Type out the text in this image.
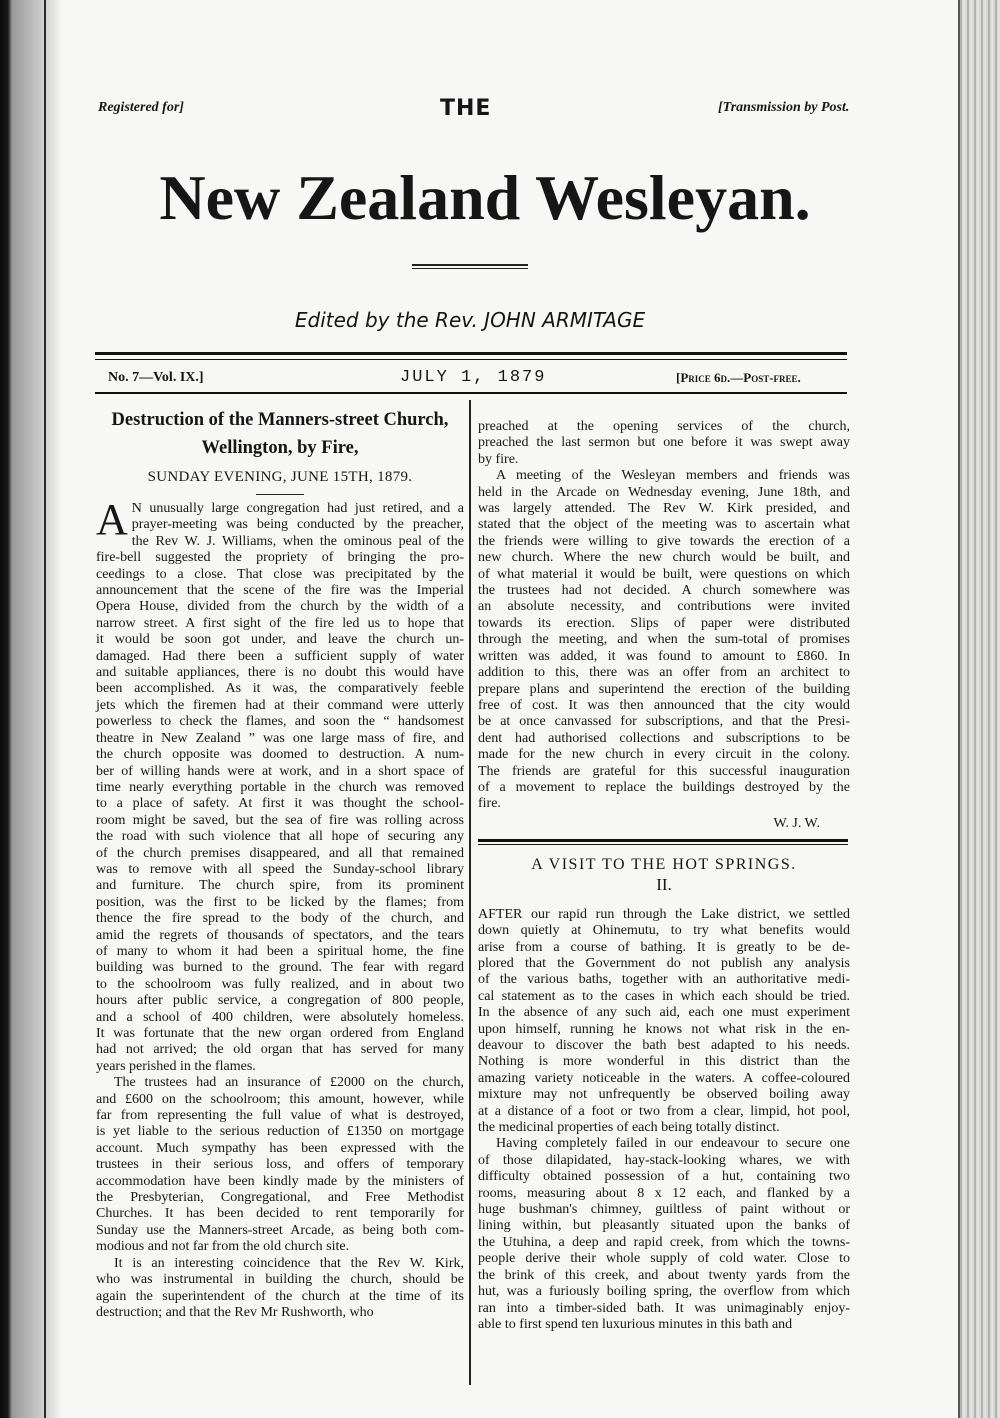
Registered for]	THE	[Transmission by Post.
New Zealand Wesleyan.
Edited by the Rev. JOHN ARMITAGE
No. 7—Vol. IX.]	JULY 1, 1879	[Price 6d.—Post-free.
Destruction of the Manners-street Church,
Wellington, by Fire,
SUNDAY EVENING, JUNE 15TH, 1879.
A N unusually large congregation had just retired, and a
prayer-meeting was being conducted by the preacher,
the Rev W. J. Williams, when the ominous peal of the
fire-bell suggested the propriety of bringing the pro-
ceedings to a close. That close was precipitated by the
announcement that the scene of the fire was the Imperial
Opera House, divided from the church by the width of a
narrow street. A first sight of the fire led us to hope that
it would be soon got under, and leave the church un-
damaged. Had there been a sufficient supply of water
and suitable appliances, there is no doubt this would have
been accomplished. As it was, the comparatively feeble
jets which the firemen had at their command were utterly
powerless to check the flames, and soon the “ handsomest
theatre in New Zealand ” was one large mass of fire, and
the church opposite was doomed to destruction. A num-
ber of willing hands were at work, and in a short space of
time nearly everything portable in the church was removed
to a place of safety. At first it was thought the school-
room might be saved, but the sea of fire was rolling across
the road with such violence that all hope of securing any
of the church premises disappeared, and all that remained
was to remove with all speed the Sunday-school library
and furniture. The church spire, from its prominent
position, was the first to be licked by the flames; from
thence the fire spread to the body of the church, and
amid the regrets of thousands of spectators, and the tears
of many to whom it had been a spiritual home, the fine
building was burned to the ground. The fear with regard
to the schoolroom was fully realized, and in about two
hours after public service, a congregation of 800 people,
and a school of 400 children, were absolutely homeless.
It was fortunate that the new organ ordered from England
had not arrived; the old organ that has served for many
years perished in the flames.
The trustees had an insurance of £2000 on the church,
and £600 on the schoolroom; this amount, however, while
far from representing the full value of what is destroyed,
is yet liable to the serious reduction of £1350 on mortgage
account. Much sympathy has been expressed with the
trustees in their serious loss, and offers of temporary
accommodation have been kindly made by the ministers of
the Presbyterian, Congregational, and Free Methodist
Churches. It has been decided to rent temporarily for
Sunday use the Manners-street Arcade, as being both com-
modious and not far from the old church site.
It is an interesting coincidence that the Rev W. Kirk,
who was instrumental in building the church, should be
again the superintendent of the church at the time of its
destruction; and that the Rev Mr Rushworth, who
preached at the opening services of the church,
preached the last sermon but one before it was swept away
by fire.
A meeting of the Wesleyan members and friends was
held in the Arcade on Wednesday evening, June 18th, and
was largely attended. The Rev W. Kirk presided, and
stated that the object of the meeting was to ascertain what
the friends were willing to give towards the erection of a
new church. Where the new church would be built, and
of what material it would be built, were questions on which
the trustees had not decided. A church somewhere was
an absolute necessity, and contributions were invited
towards its erection. Slips of paper were distributed
through the meeting, and when the sum-total of promises
written was added, it was found to amount to £860. In
addition to this, there was an offer from an architect to
prepare plans and superintend the erection of the building
free of cost. It was then announced that the city would
be at once canvassed for subscriptions, and that the Presi-
dent had authorised collections and subscriptions to be
made for the new church in every circuit in the colony.
The friends are grateful for this successful inauguration
of a movement to replace the buildings destroyed by the
fire.
W. J. W.
A VISIT TO THE HOT SPRINGS.
II.
AFTER our rapid run through the Lake district, we settled
down quietly at Ohinemutu, to try what benefits would
arise from a course of bathing. It is greatly to be de-
plored that the Government do not publish any analysis
of the various baths, together with an authoritative medi-
cal statement as to the cases in which each should be tried.
In the absence of any such aid, each one must experiment
upon himself, running he knows not what risk in the en-
deavour to discover the bath best adapted to his needs.
Nothing is more wonderful in this district than the
amazing variety noticeable in the waters. A coffee-coloured
mixture may not unfrequently be observed boiling away
at a distance of a foot or two from a clear, limpid, hot pool,
the medicinal properties of each being totally distinct.
Having completely failed in our endeavour to secure one
of those dilapidated, hay-stack-looking whares, we with
difficulty obtained possession of a hut, containing two
rooms, measuring about 8 x 12 each, and flanked by a
huge bushman's chimney, guiltless of paint without or
lining within, but pleasantly situated upon the banks of
the Utuhina, a deep and rapid creek, from which the towns-
people derive their whole supply of cold water. Close to
the brink of this creek, and about twenty yards from the
hut, was a furiously boiling spring, the overflow from which
ran into a timber-sided bath. It was unimaginably enjoy-
able to first spend ten luxurious minutes in this bath and
